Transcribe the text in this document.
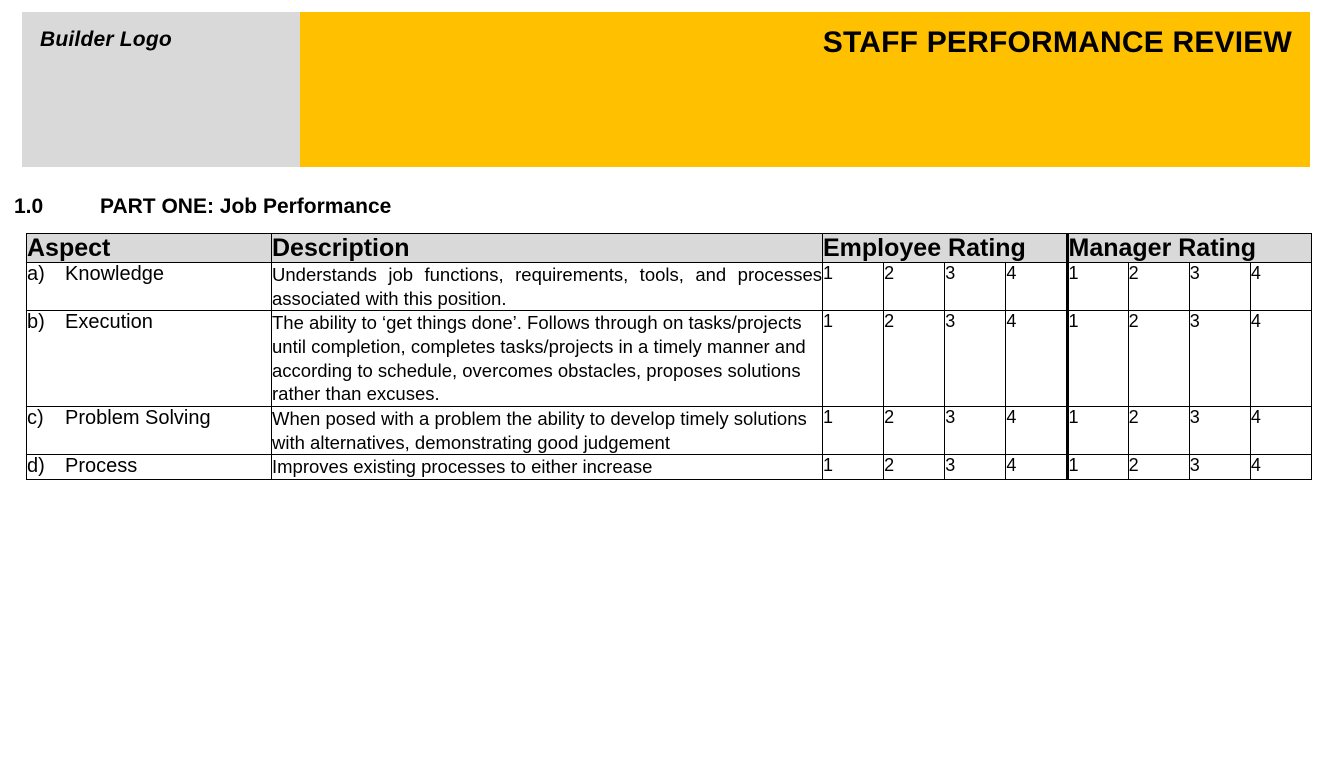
Builder Logo	STAFF PERFORMANCE REVIEW
1.0	PART ONE: Job Performance
Aspect	Description	Employee Rating				Manager Rating			
a) Knowledge	Understands job functions, requirements, tools, and processes associated with this position.	1	2	3	4	1	2	3	4
b) Execution	The ability to ‘get things done’. Follows through on tasks/projects until completion, completes tasks/projects in a timely manner and according to schedule, overcomes obstacles, proposes solutions rather than excuses.	1	2	3	4	1	2	3	4
c) Problem Solving	When posed with a problem the ability to develop timely solutions with alternatives, demonstrating good judgement	1	2	3	4	1	2	3	4
d) Process	Improves existing processes to either increase	1	2	3	4	1	2	3	4
